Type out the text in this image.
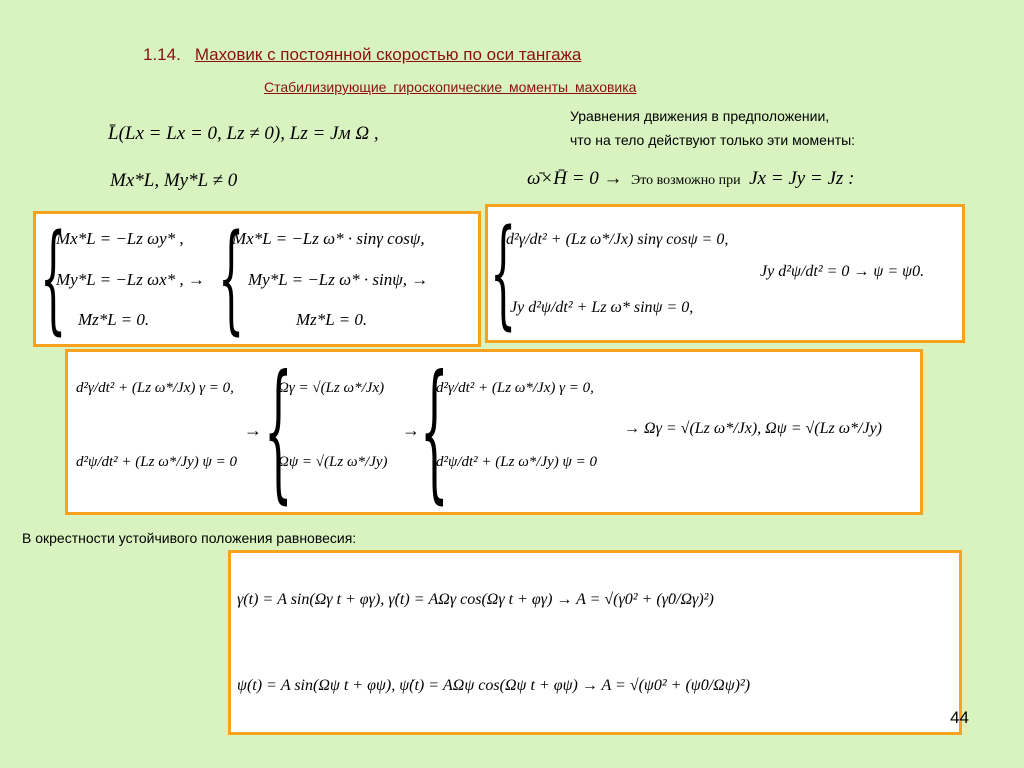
1.14. Маховик с постоянной скоростью по оси тангажа
Стабилизирующие гироскопические моменты маховика
L̄(Lx = Lx = 0, Lz ≠ 0), Lz = Jм Ω ,
Mx*L, My*L ≠ 0
Уравнения движения в предположении,
что на тело действуют только эти моменты:
ω̄×H̄ = 0 → Это возможно при Jx = Jy = Jz :
{
Mx*L = −Lz ωy* ,
My*L = −Lz ωx* , →
Mz*L = 0. {
Mx*L = −Lz ω* · sinγ cosψ,
My*L = −Lz ω* · sinψ, →
Mz*L = 0. {
d²γ/dt² + (Lz ω*/Jx) sinγ cosψ = 0,
Jy d²ψ/dt² + Lz ω* sinψ = 0,
Jy d²ψ/dt² = 0 → ψ = ψ0.
d²γ/dt² + (Lz ω*/Jx) γ = 0,
d²ψ/dt² + (Lz ω*/Jy) ψ = 0
→ {
Ωγ = √(Lz ω*/Jx)
Ωψ = √(Lz ω*/Jy)
→ {
d²γ/dt² + (Lz ω*/Jx) γ = 0,
d²ψ/dt² + (Lz ω*/Jy) ψ = 0
→ Ωγ = √(Lz ω*/Jx), Ωψ = √(Lz ω*/Jy)
В окрестности устойчивого положения равновесия:
γ(t) = A sin(Ωγ t + φγ), γ̇(t) = AΩγ cos(Ωγ t + φγ) → A = √(γ0² + (γ̇0/Ωγ)²)
ψ(t) = A sin(Ωψ t + φψ), ψ̇(t) = AΩψ cos(Ωψ t + φψ) → A = √(ψ0² + (ψ̇0/Ωψ)²)
44
